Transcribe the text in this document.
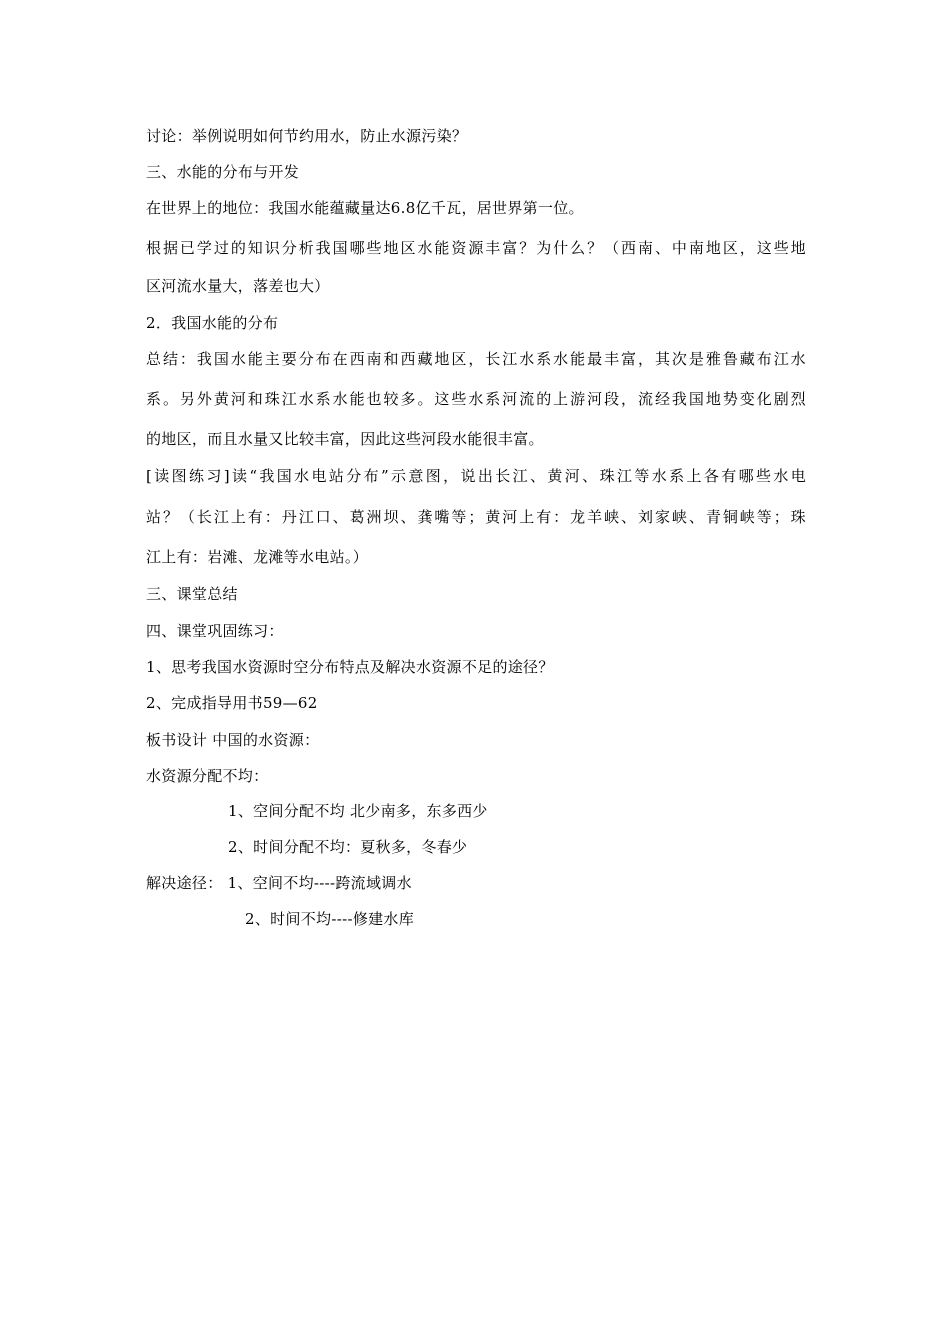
讨论：举例说明如何节约用水，防止水源污染？
三、水能的分布与开发
在世界上的地位：我国水能蕴藏量达6.8亿千瓦，居世界第一位。
根据已学过的知识分析我国哪些地区水能资源丰富？为什么？（西南、中南地区，这些地
区河流水量大，落差也大）
2．我国水能的分布
总结：我国水能主要分布在西南和西藏地区，长江水系水能最丰富，其次是雅鲁藏布江水
系。另外黄河和珠江水系水能也较多。这些水系河流的上游河段，流经我国地势变化剧烈
的地区，而且水量又比较丰富，因此这些河段水能很丰富。
[读图练习]读“我国水电站分布”示意图，说出长江、黄河、珠江等水系上各有哪些水电
站？（长江上有：丹江口、葛洲坝、龚嘴等；黄河上有：龙羊峡、刘家峡、青铜峡等；珠
江上有：岩滩、龙滩等水电站。）
三、课堂总结
四、课堂巩固练习：
1、思考我国水资源时空分布特点及解决水资源不足的途径？
2、完成指导用书59—62
板书设计 中国的水资源：
水资源分配不均：
1、空间分配不均 北少南多，东多西少
2、时间分配不均：夏秋多，冬春少
解决途径： 1、空间不均----跨流域调水
2、时间不均----修建水库
